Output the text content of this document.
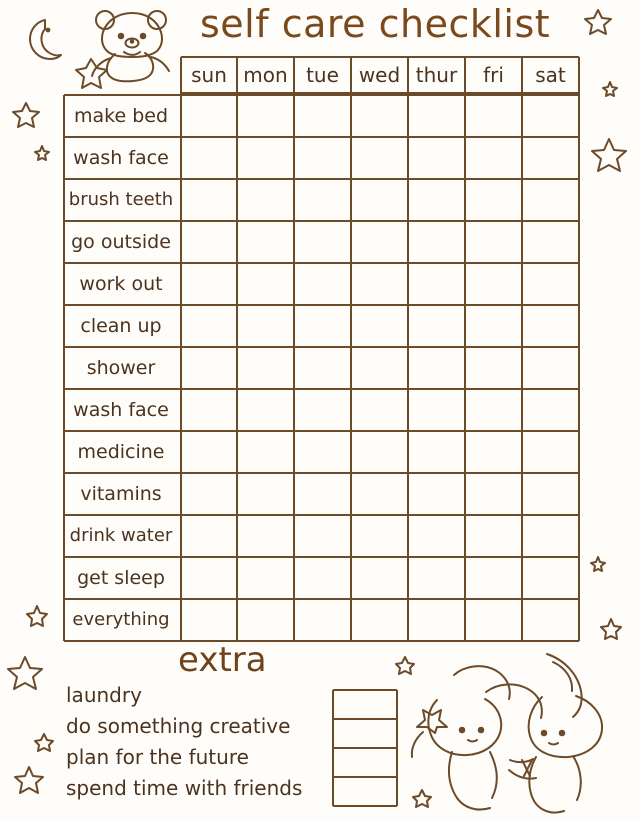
self care checklist
sun mon tue wed thur	fri	sat
make bed
wash face
brush teeth
go outside
work out
clean up
shower
wash face
medicine
vitamins
drink water
get sleep
everything
extra
laundry
do something creative
plan for the future
spend time with friends
